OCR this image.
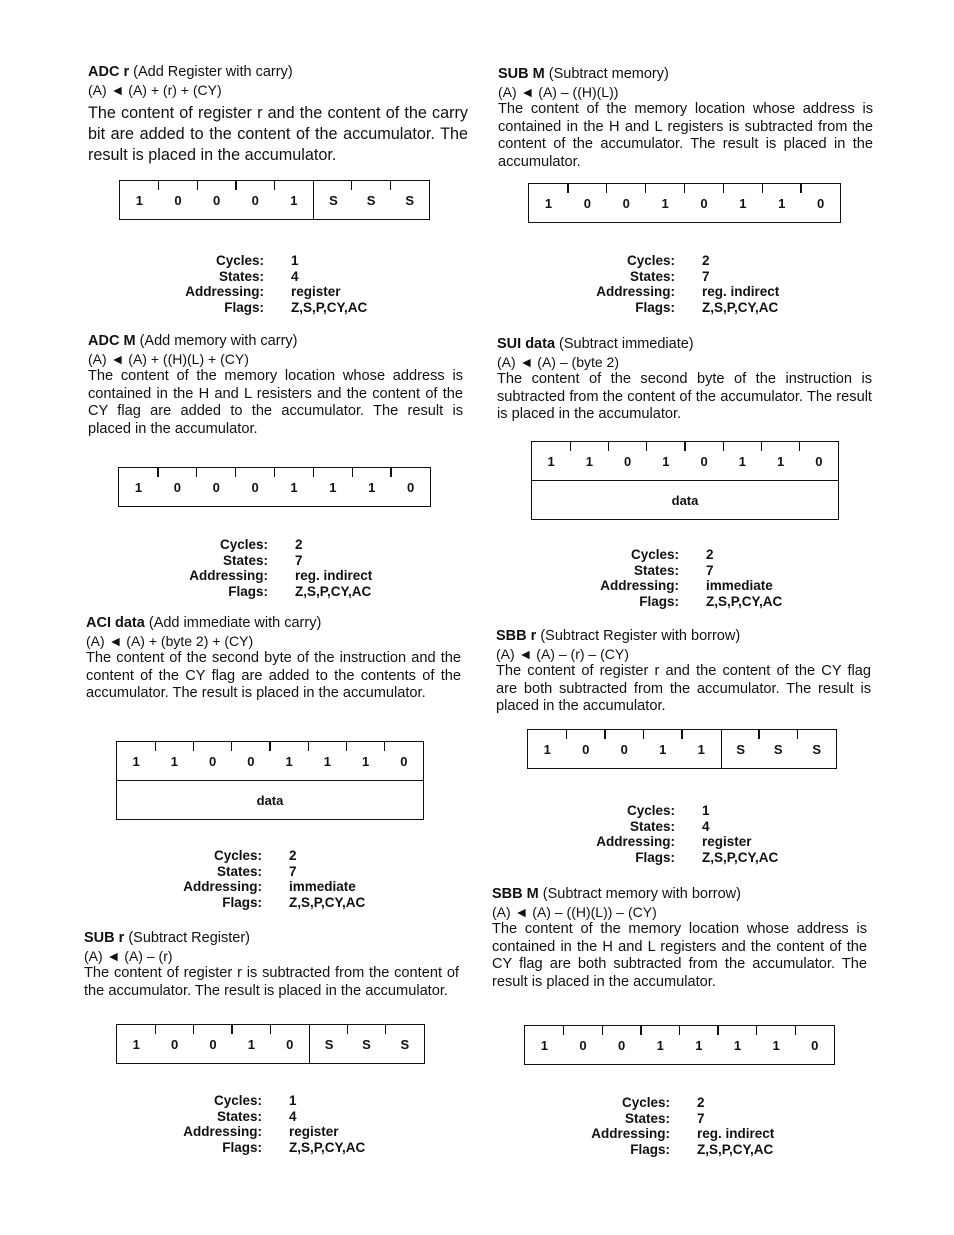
ADC r (Add Register with carry)
(A) ◄ (A) + (r) + (CY)

The content of register r and the content of the carry bit are added to the content of the accumulator. The result is placed in the accumulator.

1	0	0	0	1	S	S	S
Cycles: 1
States: 4
Addressing: register
Flags: Z,S,P,CY,AC
ADC M (Add memory with carry)
(A) ◄ (A) + ((H)(L) + (CY)

The content of the memory location whose address is contained in the H and L resisters and the content of the CY flag are added to the accumulator. The result is placed in the accumulator.

1	0	0	0	1	1	1	0
Cycles: 2
States: 7
Addressing: reg. indirect
Flags: Z,S,P,CY,AC
ACI data (Add immediate with carry)
(A) ◄ (A) + (byte 2) + (CY)

The content of the second byte of the instruction and the content of the CY flag are added to the contents of the accumulator. The result is placed in the accumulator.

1	1	0	0	1	1	1	0
data
Cycles: 2
States: 7
Addressing: immediate
Flags: Z,S,P,CY,AC
SUB r (Subtract Register)
(A) ◄ (A) – (r)

The content of register r is subtracted from the content of the accumulator. The result is placed in the accumulator.

1	0	0	1	0	S	S	S
Cycles: 1
States: 4
Addressing: register
Flags: Z,S,P,CY,AC
SUB M (Subtract memory)
(A) ◄ (A) – ((H)(L))

The content of the memory location whose address is contained in the H and L registers is subtracted from the content of the accumulator. The result is placed in the accumulator.

1	0	0	1	0	1	1	0
Cycles: 2
States: 7
Addressing: reg. indirect
Flags: Z,S,P,CY,AC
SUI data (Subtract immediate)
(A) ◄ (A) – (byte 2)

The content of the second byte of the instruction is subtracted from the content of the accumulator. The result is placed in the accumulator.

1	1	0	1	0	1	1	0
data
Cycles: 2
States: 7
Addressing: immediate
Flags: Z,S,P,CY,AC
SBB r (Subtract Register with borrow)
(A) ◄ (A) – (r) – (CY)

The content of register r and the content of the CY flag are both subtracted from the accumulator. The result is placed in the accumulator.

1	0	0	1	1	S	S	S
Cycles: 1
States: 4
Addressing: register
Flags: Z,S,P,CY,AC
SBB M (Subtract memory with borrow)
(A) ◄ (A) – ((H)(L)) – (CY)

The content of the memory location whose address is contained in the H and L registers and the content of the CY flag are both subtracted from the accumulator. The result is placed in the accumulator.

1	0	0	1	1	1	1	0
Cycles: 2
States: 7
Addressing: reg. indirect
Flags: Z,S,P,CY,AC
